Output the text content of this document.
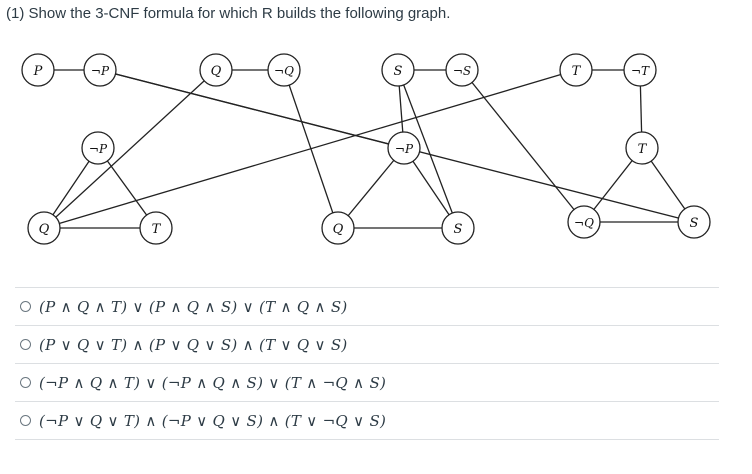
(1) Show the 3-CNF formula for which R builds the following graph.
P	¬P	Q	¬Q	S	¬S	T	¬T
¬P
Q	T
¬P
Q	S
T
¬Q	S
(P ∧ Q ∧ T) ∨ (P ∧ Q ∧ S) ∨ (T ∧ Q ∧ S)
(P ∨ Q ∨ T) ∧ (P ∨ Q ∨ S) ∧ (T ∨ Q ∨ S)
(¬P ∧ Q ∧ T) ∨ (¬P ∧ Q ∧ S) ∨ (T ∧ ¬Q ∧ S)
(¬P ∨ Q ∨ T) ∧ (¬P ∨ Q ∨ S) ∧ (T ∨ ¬Q ∨ S)
